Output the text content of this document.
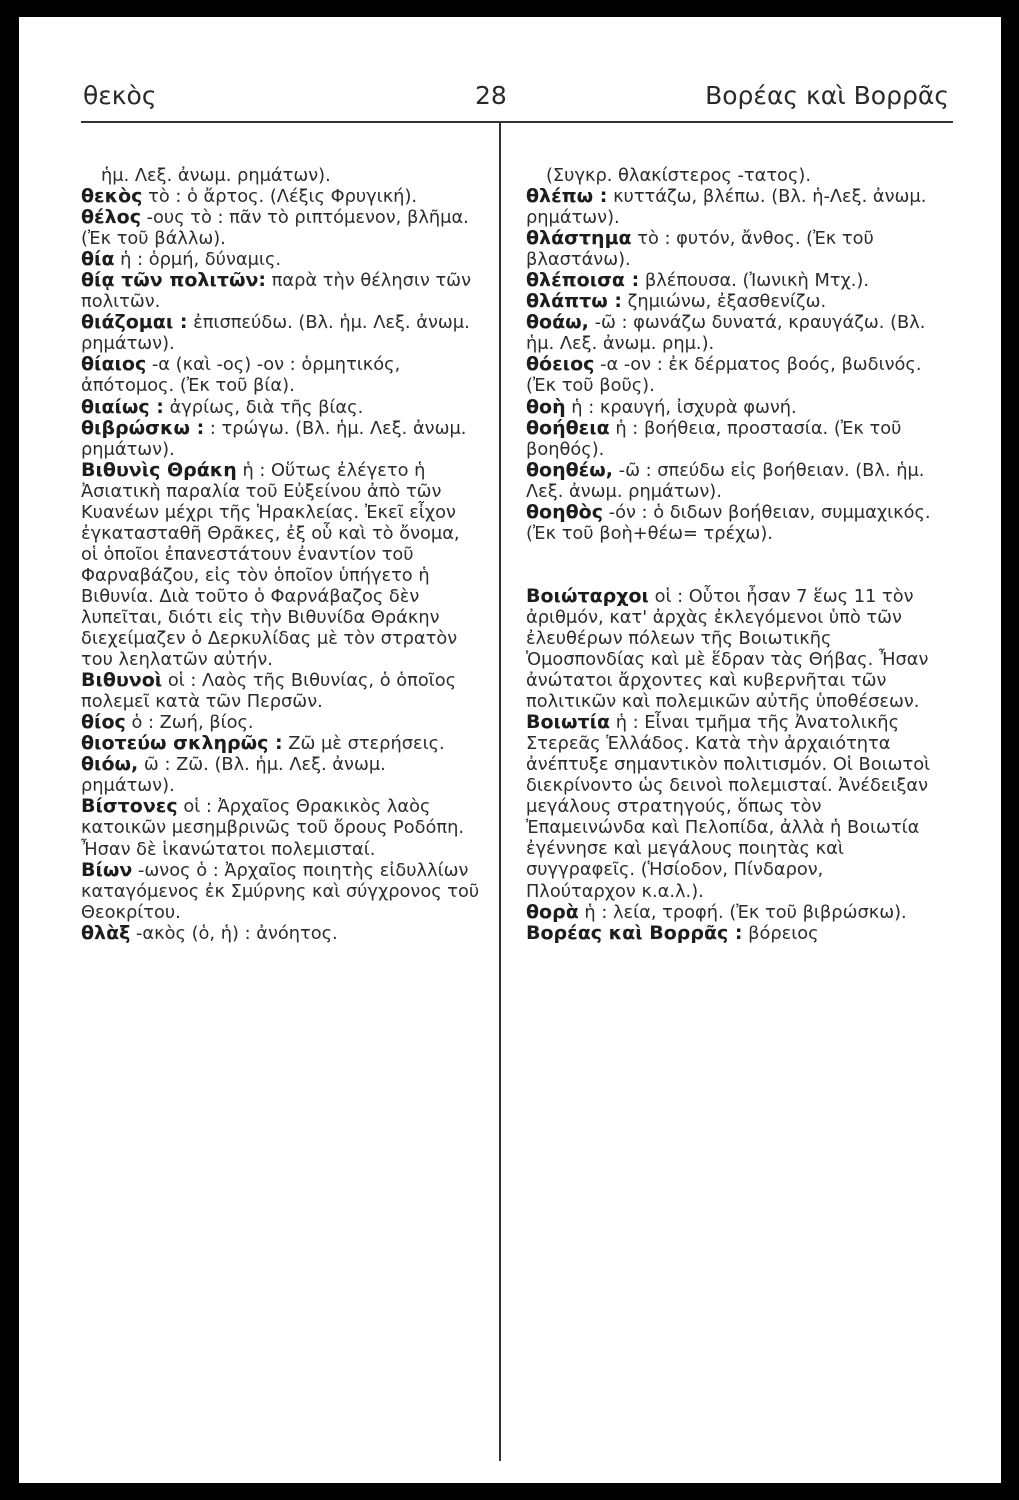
θεκὸς	28	Βορέας καὶ Βορρᾶς

ἡμ. Λεξ. ἀνωμ. ρημάτων).

θεκὸς τὸ : ὁ ἄρτος. (Λέξις Φρυγική).

θέλος -ους τὸ : πᾶν τὸ ριπτόμενον, βλῆμα. (Ἐκ τοῦ βάλλω).

θία ἡ : ὁρμή, δύναμις.

θίᾳ τῶν πολιτῶν: παρὰ τὴν θέλησιν τῶν πολιτῶν.

θιάζομαι : ἐπισπεύδω. (Βλ. ἡμ. Λεξ. ἀνωμ. ρημάτων).

θίαιος -α (καὶ -ος) -ον : ὁρμητικός, ἀπότομος. (Ἐκ τοῦ βία).

θιαίως : ἀγρίως, διὰ τῆς βίας.

θιβρώσκω : : τρώγω. (Βλ. ἡμ. Λεξ. ἀνωμ. ρημάτων).

Βιθυνὶς Θράκη ἡ : Οὕτως ἐλέγετο ἡ Ἀσιατικὴ παραλία τοῦ Εὐξείνου ἀπὸ τῶν Κυανέων μέχρι τῆς Ἡρακλείας. Ἐκεῖ εἶχον ἐγκατασταθῆ Θρᾶκες, ἐξ οὗ καὶ τὸ ὄνομα, οἱ ὁποῖοι ἐπανεστάτουν ἐναντίον τοῦ Φαρναβάζου, εἰς τὸν ὁποῖον ὑπήγετο ἡ Βιθυνία. Διὰ τοῦτο ὁ Φαρνάβαζος δὲν λυπεῖται, διότι εἰς τὴν Βιθυνίδα Θράκην διεχείμαζεν ὁ Δερκυλίδας μὲ τὸν στρατὸν του λεηλατῶν αὐτήν.

Βιθυνοὶ οἱ : Λαὸς τῆς Βιθυνίας, ὁ ὁποῖος πολεμεῖ κατὰ τῶν Περσῶν.

θίος ὁ : Ζωή, βίος.

θιοτεύω σκληρῶς : Ζῶ μὲ στερήσεις.

θιόω, ῶ : Ζῶ. (Βλ. ἡμ. Λεξ. ἀνωμ. ρημάτων).

Βίστονες οἱ : Ἀρχαῖος Θρακικὸς λαὸς κατοικῶν μεσημβρινῶς τοῦ ὄρους Ροδόπη. Ἦσαν δὲ ἱκανώτατοι πολεμισταί.

Βίων -ωνος ὁ : Ἀρχαῖος ποιητὴς εἰδυλλίων καταγόμενος ἐκ Σμύρνης καὶ σύγχρονος τοῦ Θεοκρίτου.

θλὰξ -ακὸς (ὁ, ἡ) : ἀνόητος.

(Συγκρ. θλακίστερος -τατος).

θλέπω : κυττάζω, βλέπω. (Βλ. ἡ-Λεξ. ἀνωμ. ρημάτων).

θλάστημα τὸ : φυτόν, ἄνθος. (Ἐκ τοῦ βλαστάνω).

θλέποισα : βλέπουσα. (Ἰωνικὴ Μτχ.).

θλάπτω : ζημιώνω, ἐξασθενίζω.

θοάω, -ῶ : φωνάζω δυνατά, κραυγάζω. (Βλ. ἡμ. Λεξ. ἀνωμ. ρημ.).

θόειος -α -ον : ἐκ δέρματος βοός, βωδινός. (Ἐκ τοῦ βοῦς).

θοὴ ἡ : κραυγή, ἰσχυρὰ φωνή.

θοήθεια ἡ : βοήθεια, προστασία. (Ἐκ τοῦ βοηθός).

θοηθέω, -ῶ : σπεύδω εἰς βοήθειαν. (Βλ. ἡμ. Λεξ. ἀνωμ. ρημάτων).

θοηθὸς -όν : ὁ διδων βοήθειαν, συμμαχικός. (Ἐκ τοῦ βοὴ+θέω= τρέχω).

Βοιώταρχοι οἱ : Οὗτοι ἦσαν 7 ἕως 11 τὸν ἀριθμόν, κατ' ἀρχὰς ἐκλεγόμενοι ὑπὸ τῶν ἐλευθέρων πόλεων τῆς Βοιωτικῆς Ὁμοσπονδίας καὶ μὲ ἕδραν τὰς Θήβας. Ἦσαν ἀνώτατοι ἄρχοντες καὶ κυβερνῆται τῶν πολιτικῶν καὶ πολεμικῶν αὐτῆς ὑποθέσεων.

Βοιωτία ἡ : Εἶναι τμῆμα τῆς Ἀνατολικῆς Στερεᾶς Ἑλλάδος. Κατὰ τὴν ἀρχαιότητα ἀνέπτυξε σημαντικὸν πολιτισμόν. Οἱ Βοιωτοὶ διεκρίνοντο ὡς δεινοὶ πολεμισταί. Ἀνέδειξαν μεγάλους στρατηγούς, ὅπως τὸν Ἐπαμεινώνδα καὶ Πελοπίδα, ἀλλὰ ἡ Βοιωτία ἐγέννησε καὶ μεγάλους ποιητὰς καὶ συγγραφεῖς. (Ἡσίοδον, Πίνδαρον, Πλούταρχον κ.α.λ.).

θορὰ ἡ : λεία, τροφή. (Ἐκ τοῦ βιβρώσκω).

Βορέας καὶ Βορρᾶς : βόρειος
